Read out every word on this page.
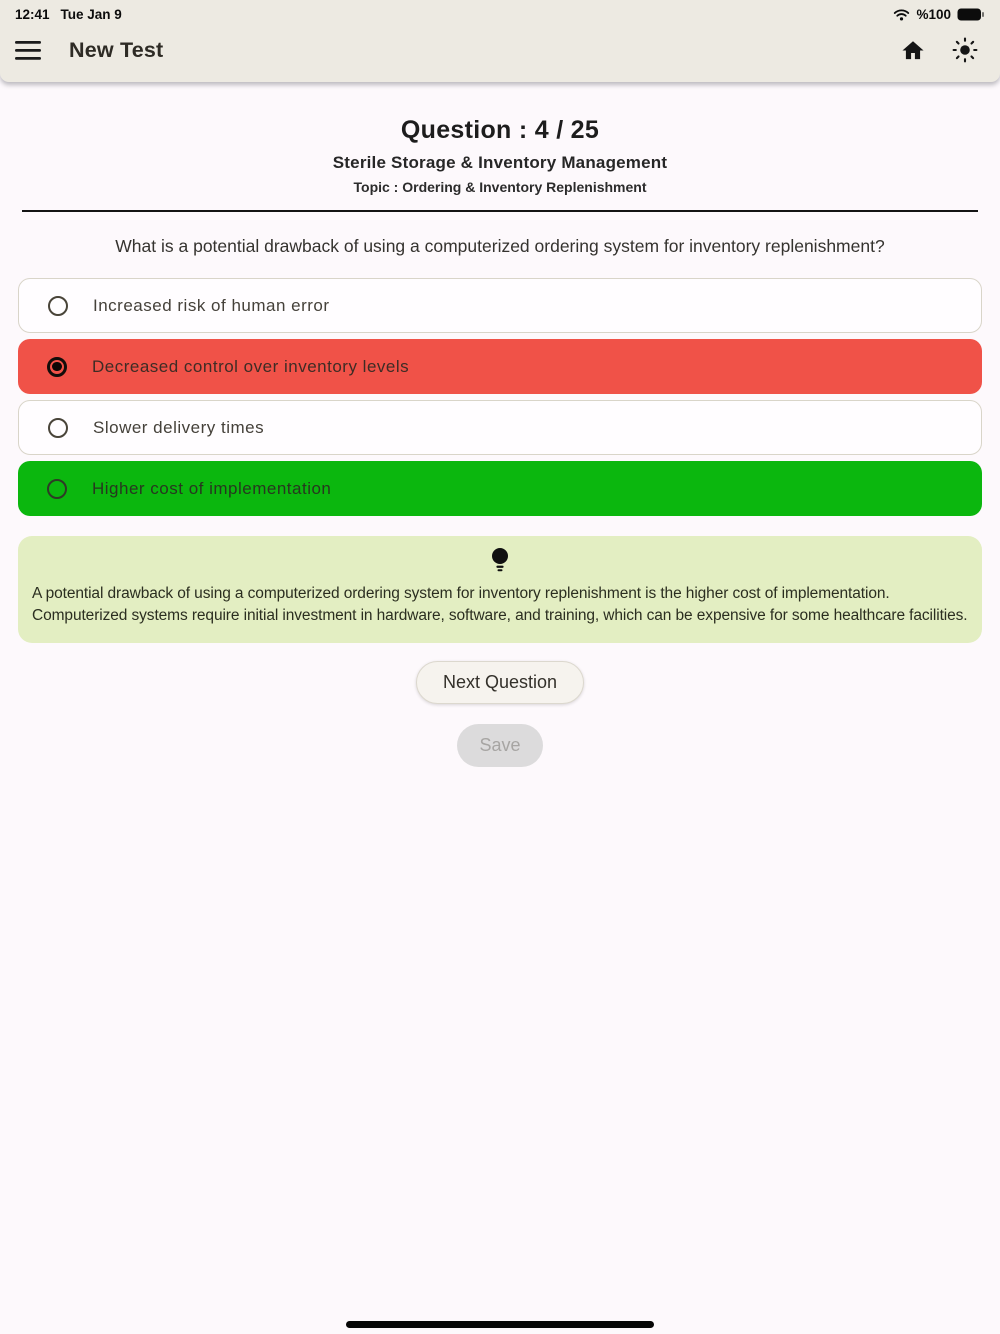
12:41 Tue Jan 9	%100
New Test
Question : 4 / 25
Sterile Storage & Inventory Management
Topic : Ordering & Inventory Replenishment
What is a potential drawback of using a computerized ordering system for inventory replenishment?
Increased risk of human error
Decreased control over inventory levels
Slower delivery times
Higher cost of implementation
A potential drawback of using a computerized ordering system for inventory replenishment is the higher cost of implementation.
Computerized systems require initial investment in hardware, software, and training, which can be expensive for some healthcare facilities.
Next Question
Save
